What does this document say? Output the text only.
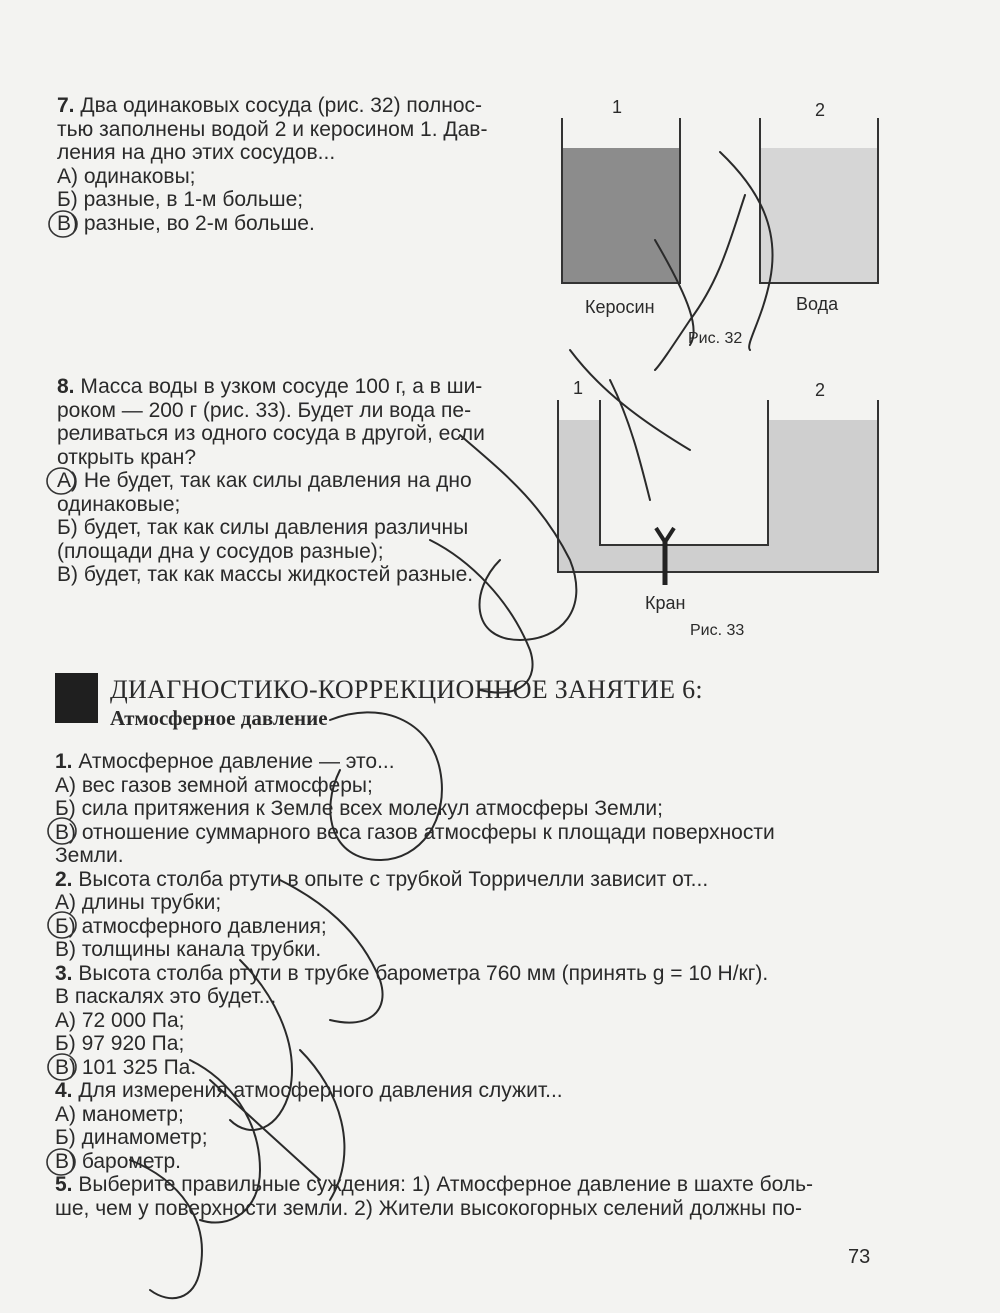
7. Два одинаковых сосуда (рис. 32) полнос-
тью заполнены водой 2 и керосином 1. Дав-
ления на дно этих сосудов...
А) одинаковы;
Б) разные, в 1-м больше;
В) разные, во 2-м больше.
1	2
Керосин	Вода
Рис. 32
8. Масса воды в узком сосуде 100 г, а в ши-
роком — 200 г (рис. 33). Будет ли вода пе-
реливаться из одного сосуда в другой, если
открыть кран?
А) Не будет, так как силы давления на дно
одинаковые;
Б) будет, так как силы давления различны
(площади дна у сосудов разные);
В) будет, так как массы жидкостей разные.
1	2
Кран
Рис. 33
ДИАГНОСТИКО-КОРРЕКЦИОННОЕ ЗАНЯТИЕ 6:
Атмосферное давление
1. Атмосферное давление — это...
А) вес газов земной атмосферы;
Б) сила притяжения к Земле всех молекул атмосферы Земли;
В) отношение суммарного веса газов атмосферы к площади поверхности
Земли.
2. Высота столба ртути в опыте с трубкой Торричелли зависит от...
А) длины трубки;
Б) атмосферного давления;
В) толщины канала трубки.
3. Высота столба ртути в трубке барометра 760 мм (принять g = 10 Н/кг).
В паскалях это будет...
А) 72 000 Па;
Б) 97 920 Па;
В) 101 325 Па.
4. Для измерения атмосферного давления служит...
А) манометр;
Б) динамометр;
В) барометр.
5. Выберите правильные суждения: 1) Атмосферное давление в шахте боль-
ше, чем у поверхности земли. 2) Жители высокогорных селений должны по-
73
